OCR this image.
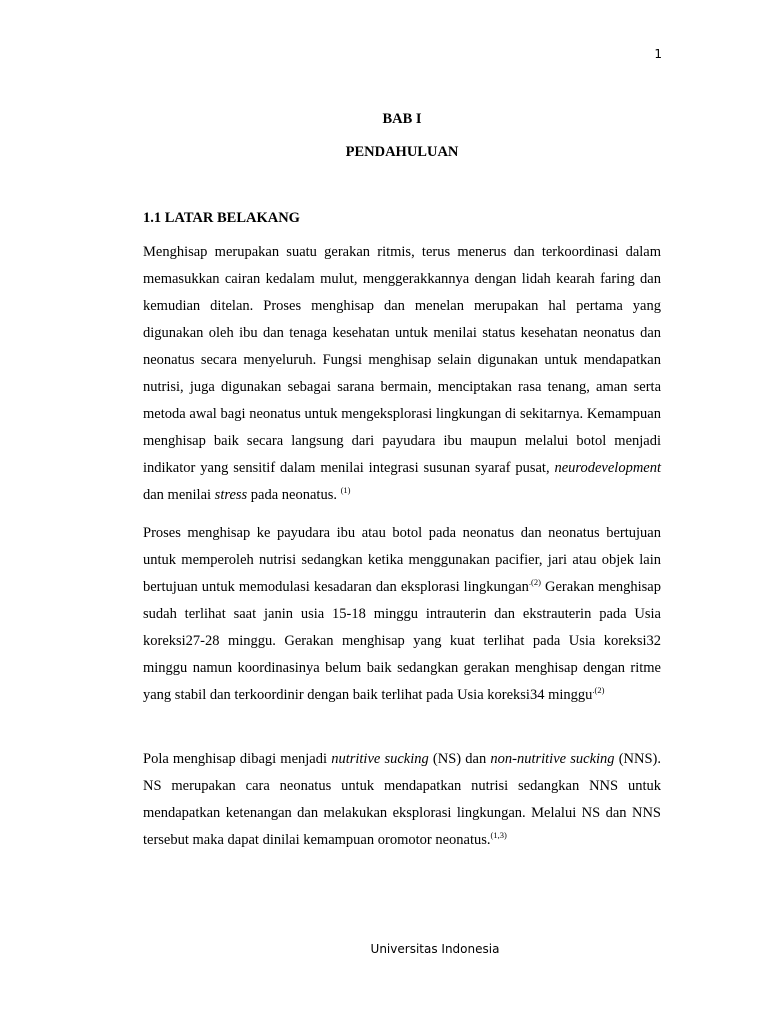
1
BAB I
PENDAHULUAN
1.1 LATAR BELAKANG

Menghisap merupakan suatu gerakan ritmis, terus menerus dan terkoordinasi dalam memasukkan cairan kedalam mulut, menggerakkannya dengan lidah kearah faring dan kemudian ditelan. Proses menghisap dan menelan merupakan hal pertama yang digunakan oleh ibu dan tenaga kesehatan untuk menilai status kesehatan neonatus dan neonatus secara menyeluruh. Fungsi menghisap selain digunakan untuk mendapatkan nutrisi, juga digunakan sebagai sarana bermain, menciptakan rasa tenang, aman serta metoda awal bagi neonatus untuk mengeksplorasi lingkungan di sekitarnya. Kemampuan menghisap baik secara langsung dari payudara ibu maupun melalui botol menjadi indikator yang sensitif dalam menilai integrasi susunan syaraf pusat, neurodevelopment dan menilai stress pada neonatus. $^{(1)}$

Proses menghisap ke payudara ibu atau botol pada neonatus dan neonatus bertujuan untuk memperoleh nutrisi sedangkan ketika menggunakan pacifier, jari atau objek lain bertujuan untuk memodulasi kesadaran dan eksplorasi lingkungan$^{.(2)}$ Gerakan menghisap sudah terlihat saat janin usia 15-18 minggu intrauterin dan ekstrauterin pada Usia koreksi27-28 minggu. Gerakan menghisap yang kuat terlihat pada Usia koreksi32 minggu namun koordinasinya belum baik sedangkan gerakan menghisap dengan ritme yang stabil dan terkoordinir dengan baik terlihat pada Usia koreksi34 minggu$^{.(2)}$

Pola menghisap dibagi menjadi nutritive sucking (NS) dan non-nutritive sucking (NNS). NS merupakan cara neonatus untuk mendapatkan nutrisi sedangkan NNS untuk mendapatkan ketenangan dan melakukan eksplorasi lingkungan. Melalui NS dan NNS tersebut maka dapat dinilai kemampuan oromotor neonatus.$^{(1,3)}$

Universitas Indonesia
